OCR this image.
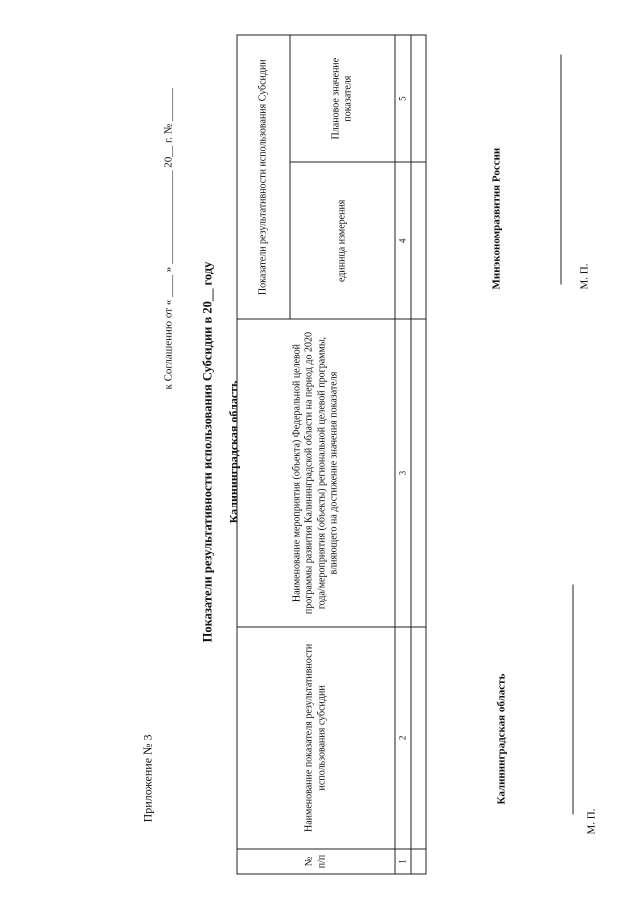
Приложение № 3
к Соглашению от « ____ » _________________ 20__ г. № ______
Показатели результативности использования Субсидии в 20__ году Калининградская область
№ п/п	Наименование показателя результативности использования субсидии	Наименование мероприятия (объекта) Федеральной целевой программы развития Калининградской области на период до 2020 года/мероприятия (объекты) региональной целевой программы, влияющего на достижение значения показателя	Показатели результативности использования Субсидии	
			единица измерения	Плановое значение показателя
1	2	3	4	5

Калининградская область
Минэкономразвития России
М. П.
М. П.
